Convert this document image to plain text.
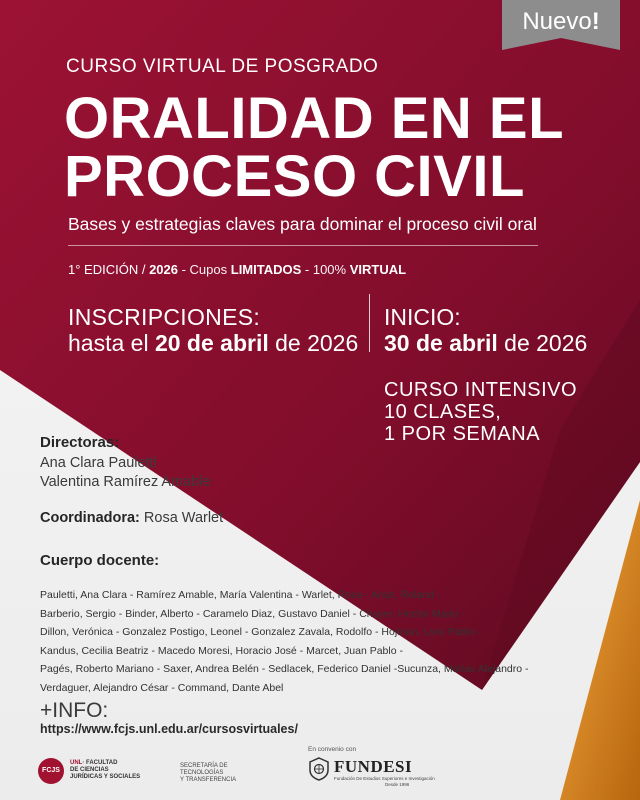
Nuevo!
CURSO VIRTUAL DE POSGRADO
ORALIDAD EN EL
PROCESO CIVIL
Bases y estrategias claves para dominar el proceso civil oral
1° EDICIÓN / 2026 - Cupos LIMITADOS - 100% VIRTUAL
INSCRIPCIONES:
hasta el 20 de abril de 2026
INICIO:
30 de abril de 2026
CURSO INTENSIVO
10 CLASES,
1 POR SEMANA
Directoras:
Ana Clara Pauletti
Valentina Ramírez Amable
Coordinadora: Rosa Warlet
Cuerpo docente:
Pauletti, Ana Clara - Ramírez Amable, María Valentina - Warlet, Rosa - Arazi, Roland -
Barberio, Sergio - Binder, Alberto - Caramelo Diaz, Gustavo Daniel - Chayer, Hector Mario -
Dillon, Verónica - Gonzalez Postigo, Leonel - Gonzalez Zavala, Rodolfo - Hojman, Livio Pablo -
Kandus, Cecilia Beatriz - Macedo Moresi, Horacio José - Marcet, Juan Pablo -
Pagés, Roberto Mariano - Saxer, Andrea Belén - Sedlacek, Federico Daniel -Sucunza, Matías Alejandro -
Verdaguer, Alejandro César - Command, Dante Abel
+INFO:
https://www.fcjs.unl.edu.ar/cursosvirtuales/
FCJS
UNL· FACULTAD
DE CIENCIAS
JURÍDICAS Y SOCIALES
SECRETARÍA DE TECNOLOGÍAS
Y TRANSFERENCIA
En convenio con
FUNDESI
Fundación De Estudios Superiores e Investigación
Desde 1996
